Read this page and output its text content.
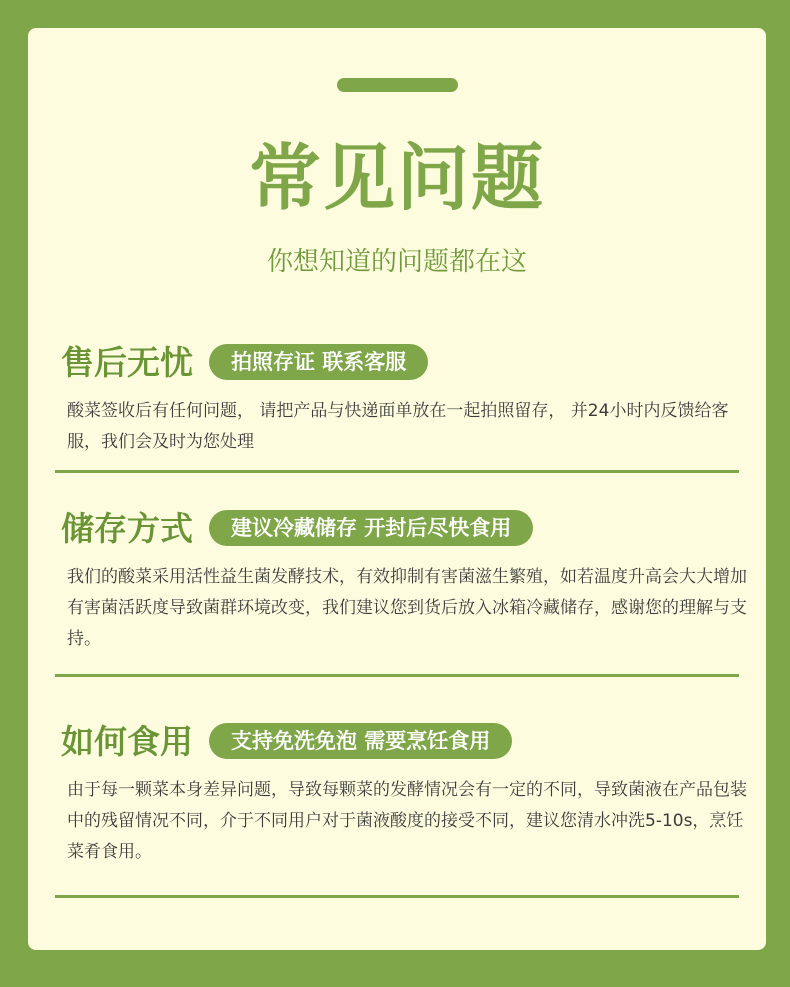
常见问题

你想知道的问题都在这

售后无忧	拍照存证 联系客服

酸菜签收后有任何问题， 请把产品与快递面单放在一起拍照留存， 并24小时内反馈给客服，我们会及时为您处理

储存方式	建议冷藏储存 开封后尽快食用

我们的酸菜采用活性益生菌发酵技术，有效抑制有害菌滋生繁殖，如若温度升高会大大增加有害菌活跃度导致菌群环境改变，我们建议您到货后放入冰箱冷藏储存，感谢您的理解与支持。

如何食用	支持免洗免泡 需要烹饪食用

由于每一颗菜本身差异问题，导致每颗菜的发酵情况会有一定的不同，导致菌液在产品包装中的残留情况不同，介于不同用户对于菌液酸度的接受不同，建议您清水冲洗5-10s，烹饪菜肴食用。
